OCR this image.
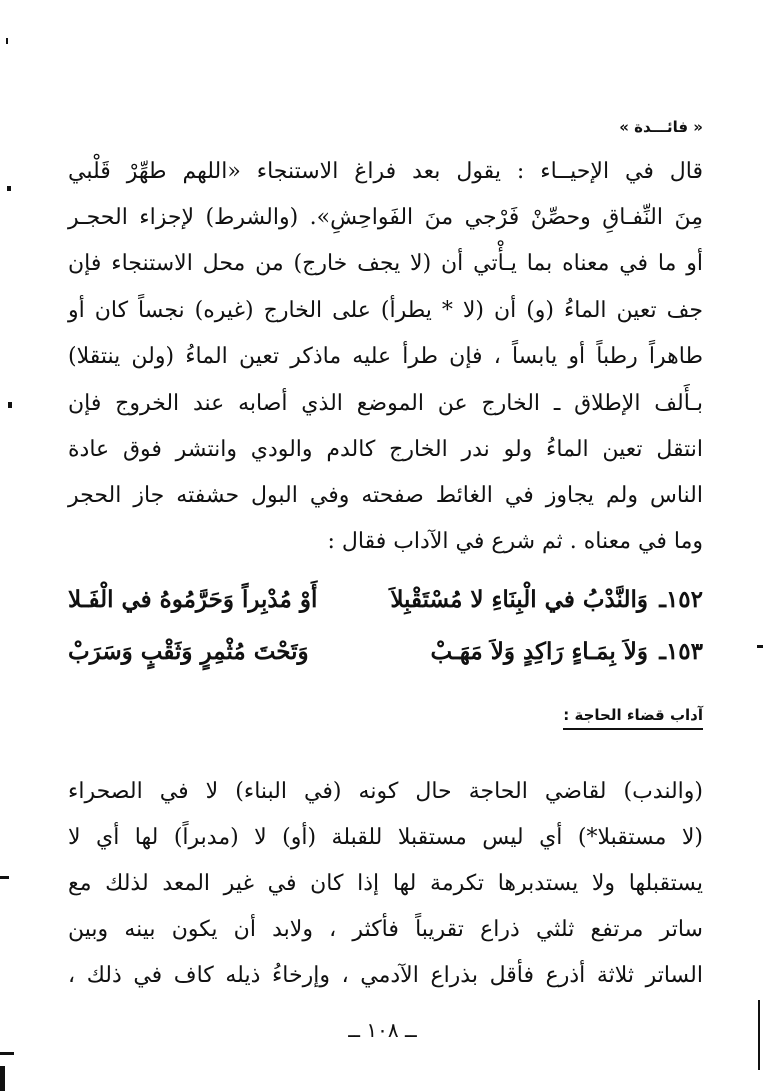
« فائـــدة »
قال في الإحيــاء : يقول بعد فراغ الاستنجاء «اللهم طهِّرْ قَلْبي
مِنَ النِّفـاقِ وحصِّنْ فَرْجي منَ الفَواحِشِ». (والشرط) لإجزاء الحجـر
أو ما في معناه بما يـأْتي أن (لا يجف خارج) من محل الاستنجاء فإن
جف تعين الماءُ (و) أن (لا * يطرأ) على الخارج (غيره) نجساً كان أو
طاهراً رطباً أو يابساً ، فإن طرأ عليه ماذكر تعين الماءُ (ولن ينتقلا)
بـأَلف الإطلاق ـ الخارج عن الموضع الذي أصابه عند الخروج فإن
انتقل تعين الماءُ ولو ندر الخارج كالدم والودي وانتشر فوق عادة
الناس ولم يجاوز في الغائط صفحته وفي البول حشفته جاز الحجر
وما في معناه . ثم شرع في الآداب فقال :
١٥٢ـ
وَالنَّدْبُ في الْبِنَاءِ لا مُسْتَقْبِلاَ
أَوْ مُدْبِراً وَحَرَّمُوهُ في الْفَـلا
١٥٣ـ
وَلاَ بِمَـاءٍ رَاكِدٍ وَلاَ مَهَـبْ
وَتَحْتَ مُثْمِرٍ وَثَقْبٍ وَسَرَبْ
آداب قضاء الحاجة :
(والندب) لقاضي الحاجة حال كونه (في البناء) لا في الصحراء
(لا مستقبلا*) أي ليس مستقبلا للقبلة (أو) لا (مدبراً) لها أي لا
يستقبلها ولا يستدبرها تكرمة لها إذا كان في غير المعد لذلك مع
ساتر مرتفع ثلثي ذراع تقريباً فأكثر ، ولابد أن يكون بينه وبين
الساتر ثلاثة أذرع فأقل بذراع الآدمي ، وإرخاءُ ذيله كاف في ذلك ،
ــ ١٠٨ ــ
